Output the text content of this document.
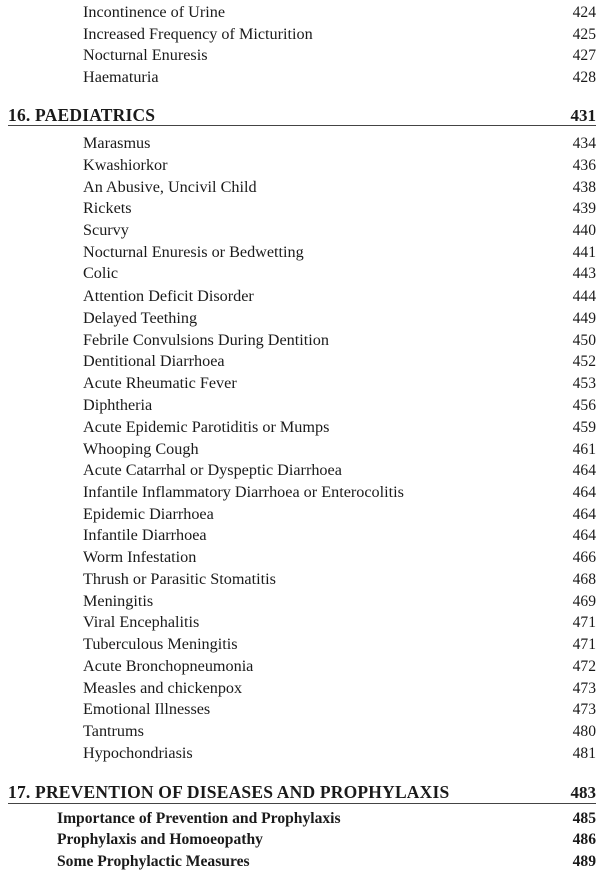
Incontinence of Urine	424
Increased Frequency of Micturition	425
Nocturnal Enuresis	427
Haematuria	428
16. PAEDIATRICS	431
Marasmus	434
Kwashiorkor	436
An Abusive, Uncivil Child	438
Rickets	439
Scurvy	440
Nocturnal Enuresis or Bedwetting	441
Colic	443
Attention Deficit Disorder	444
Delayed Teething	449
Febrile Convulsions During Dentition	450
Dentitional Diarrhoea	452
Acute Rheumatic Fever	453
Diphtheria	456
Acute Epidemic Parotiditis or Mumps	459
Whooping Cough	461
Acute Catarrhal or Dyspeptic Diarrhoea	464
Infantile Inflammatory Diarrhoea or Enterocolitis	464
Epidemic Diarrhoea	464
Infantile Diarrhoea	464
Worm Infestation	466
Thrush or Parasitic Stomatitis	468
Meningitis	469
Viral Encephalitis	471
Tuberculous Meningitis	471
Acute Bronchopneumonia	472
Measles and chickenpox	473
Emotional Illnesses	473
Tantrums	480
Hypochondriasis	481
17. PREVENTION OF DISEASES AND PROPHYLAXIS	483
Importance of Prevention and Prophylaxis	485
Prophylaxis and Homoeopathy	486
Some Prophylactic Measures	489
